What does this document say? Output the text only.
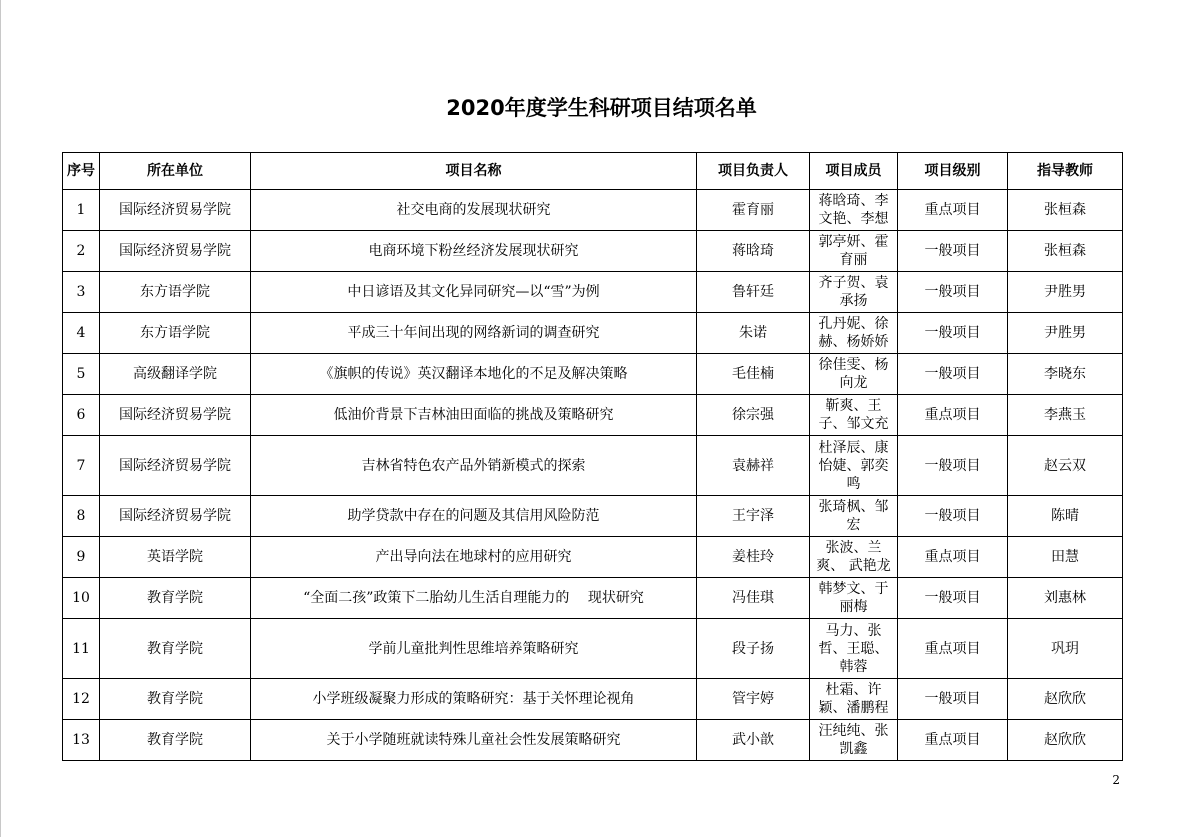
2020年度学生科研项目结项名单
序号	所在单位	项目名称	项目负责人	项目成员	项目级别	指导教师
1	国际经济贸易学院	社交电商的发展现状研究	霍育丽	蒋晗琦、李文艳、李想	重点项目	张桓森
2	国际经济贸易学院	电商环境下粉丝经济发展现状研究	蒋晗琦	郭亭妍、霍育丽	一般项目	张桓森
3	东方语学院	中日谚语及其文化异同研究—以“雪”为例	鲁轩廷	齐子贺、袁承扬	一般项目	尹胜男
4	东方语学院	平成三十年间出现的网络新词的调查研究	朱诺	孔丹妮、徐赫、杨娇娇	一般项目	尹胜男
5	高级翻译学院	《旗帜的传说》英汉翻译本地化的不足及解决策略	毛佳楠	徐佳雯、杨向龙	一般项目	李晓东
6	国际经济贸易学院	低油价背景下吉林油田面临的挑战及策略研究	徐宗强	靳爽、王子、邹文充	重点项目	李燕玉
7	国际经济贸易学院	吉林省特色农产品外销新模式的探索	袁赫祥	杜泽辰、康怡婕、郭奕鸣	一般项目	赵云双
8	国际经济贸易学院	助学贷款中存在的问题及其信用风险防范	王宇泽	张琦枫、邹宏	一般项目	陈晴
9	英语学院	产出导向法在地球村的应用研究	姜桂玲	张波、兰爽、 武艳龙	重点项目	田慧
10	教育学院	“全面二孩”政策下二胎幼儿生活自理能力的　 现状研究	冯佳琪	韩梦文、于丽梅	一般项目	刘惠林
11	教育学院	学前儿童批判性思维培养策略研究	段子扬	马力、张哲、王聪、韩蓉	重点项目	巩玥
12	教育学院	小学班级凝聚力形成的策略研究：基于关怀理论视角	管宇婷	杜霜、许颖、潘鹏程	一般项目	赵欣欣
13	教育学院	关于小学随班就读特殊儿童社会性发展策略研究	武小歆	汪纯纯、张凯鑫	重点项目	赵欣欣
2
